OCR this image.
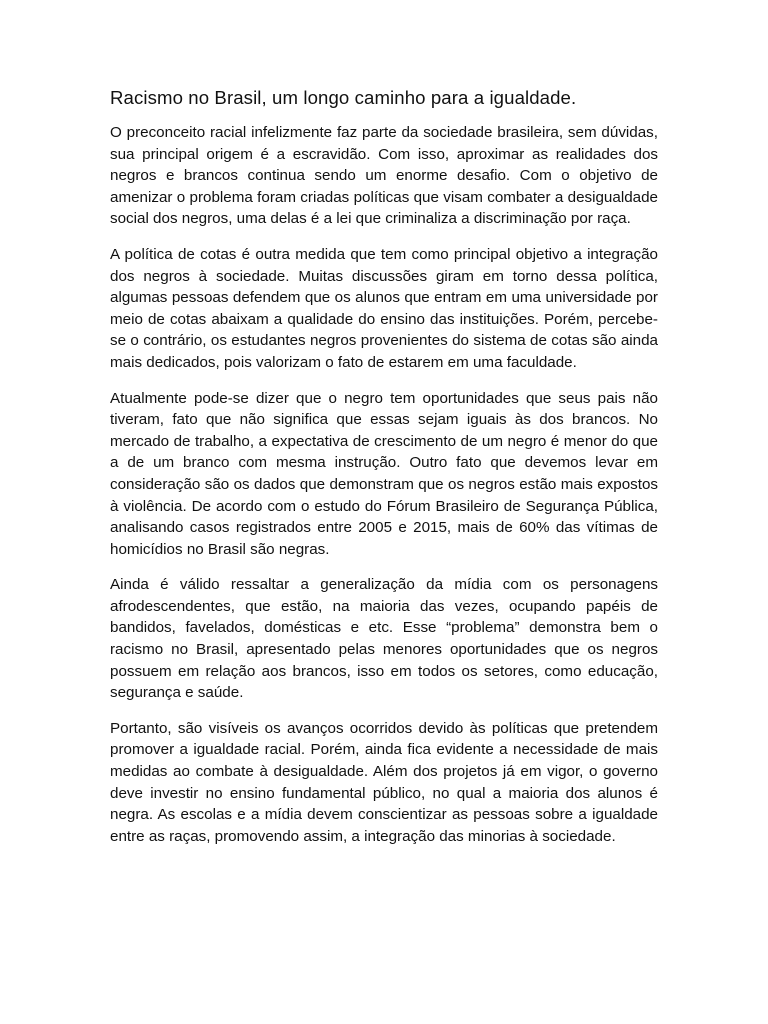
Racismo no Brasil, um longo caminho para a igualdade.

O preconceito racial infelizmente faz parte da sociedade brasileira, sem dúvidas, sua principal origem é a escravidão. Com isso, aproximar as realidades dos negros e brancos continua sendo um enorme desafio. Com o objetivo de amenizar o problema foram criadas políticas que visam combater a desigualdade social dos negros, uma delas é a lei que criminaliza a discriminação por raça.

A política de cotas é outra medida que tem como principal objetivo a integração dos negros à sociedade. Muitas discussões giram em torno dessa política, algumas pessoas defendem que os alunos que entram em uma universidade por meio de cotas abaixam a qualidade do ensino das instituições. Porém, percebe-se o contrário, os estudantes negros provenientes do sistema de cotas são ainda mais dedicados, pois valorizam o fato de estarem em uma faculdade.

Atualmente pode-se dizer que o negro tem oportunidades que seus pais não tiveram, fato que não significa que essas sejam iguais às dos brancos. No mercado de trabalho, a expectativa de crescimento de um negro é menor do que a de um branco com mesma instrução. Outro fato que devemos levar em consideração são os dados que demonstram que os negros estão mais expostos à violência. De acordo com o estudo do Fórum Brasileiro de Segurança Pública, analisando casos registrados entre 2005 e 2015, mais de 60% das vítimas de homicídios no Brasil são negras.

Ainda é válido ressaltar a generalização da mídia com os personagens afrodescendentes, que estão, na maioria das vezes, ocupando papéis de bandidos, favelados, domésticas e etc. Esse “problema” demonstra bem o racismo no Brasil, apresentado pelas menores oportunidades que os negros possuem em relação aos brancos, isso em todos os setores, como educação, segurança e saúde.

Portanto, são visíveis os avanços ocorridos devido às políticas que pretendem promover a igualdade racial. Porém, ainda fica evidente a necessidade de mais medidas ao combate à desigualdade. Além dos projetos já em vigor, o governo deve investir no ensino fundamental público, no qual a maioria dos alunos é negra. As escolas e a mídia devem conscientizar as pessoas sobre a igualdade entre as raças, promovendo assim, a integração das minorias à sociedade.
